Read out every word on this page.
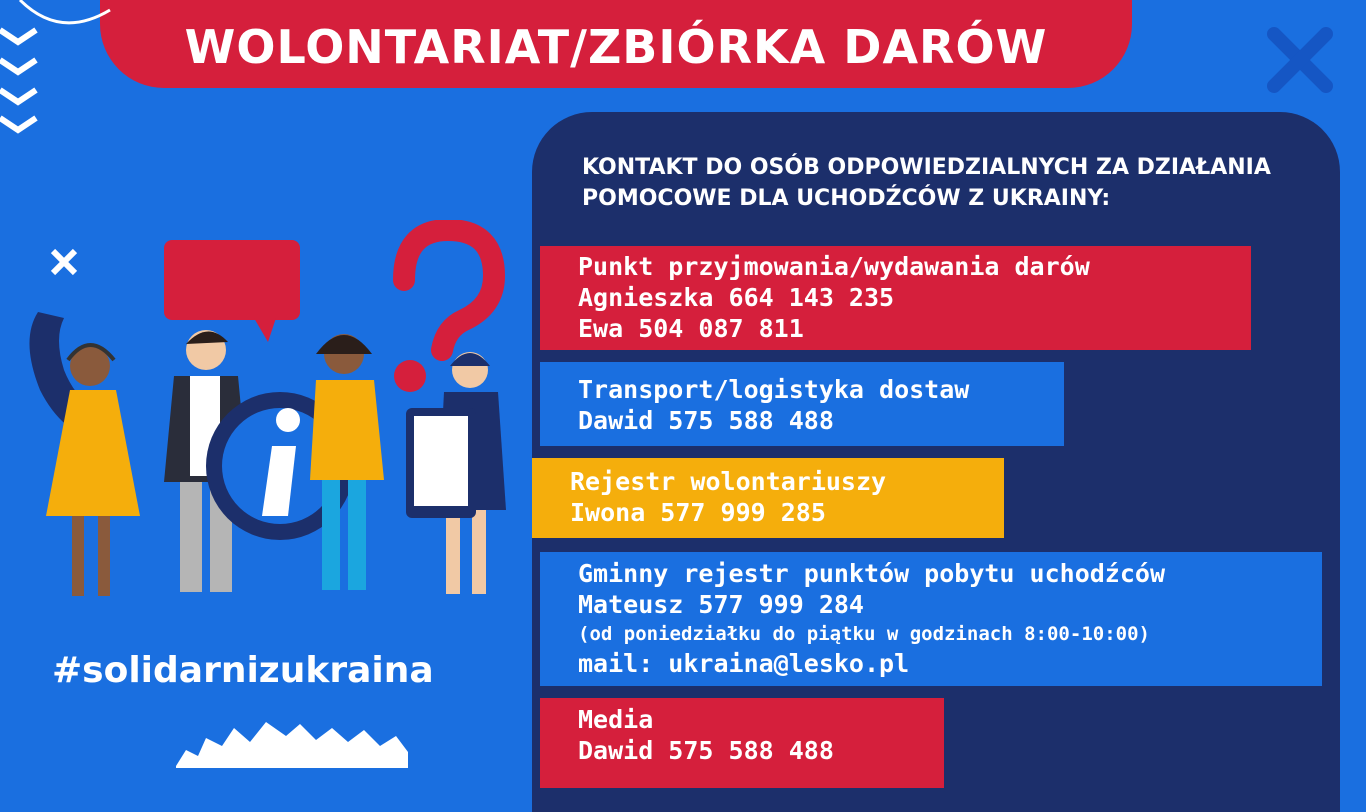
WOLONTARIAT/ZBIÓRKA DARÓW
KONTAKT DO OSÓB ODPOWIEDZIALNYCH ZA DZIAŁANIA
POMOCOWE DLA UCHODŹCÓW Z UKRAINY:
Punkt przyjmowania/wydawania darów
Agnieszka 664 143 235
Ewa 504 087 811
Transport/logistyka dostaw
Dawid 575 588 488
Rejestr wolontariuszy
Iwona 577 999 285
Gminny rejestr punktów pobytu uchodźców
Mateusz 577 999 284
(od poniedziałku do piątku w godzinach 8:00-10:00)
mail: ukraina@lesko.pl
Media
Dawid 575 588 488
#solidarnizukraina
